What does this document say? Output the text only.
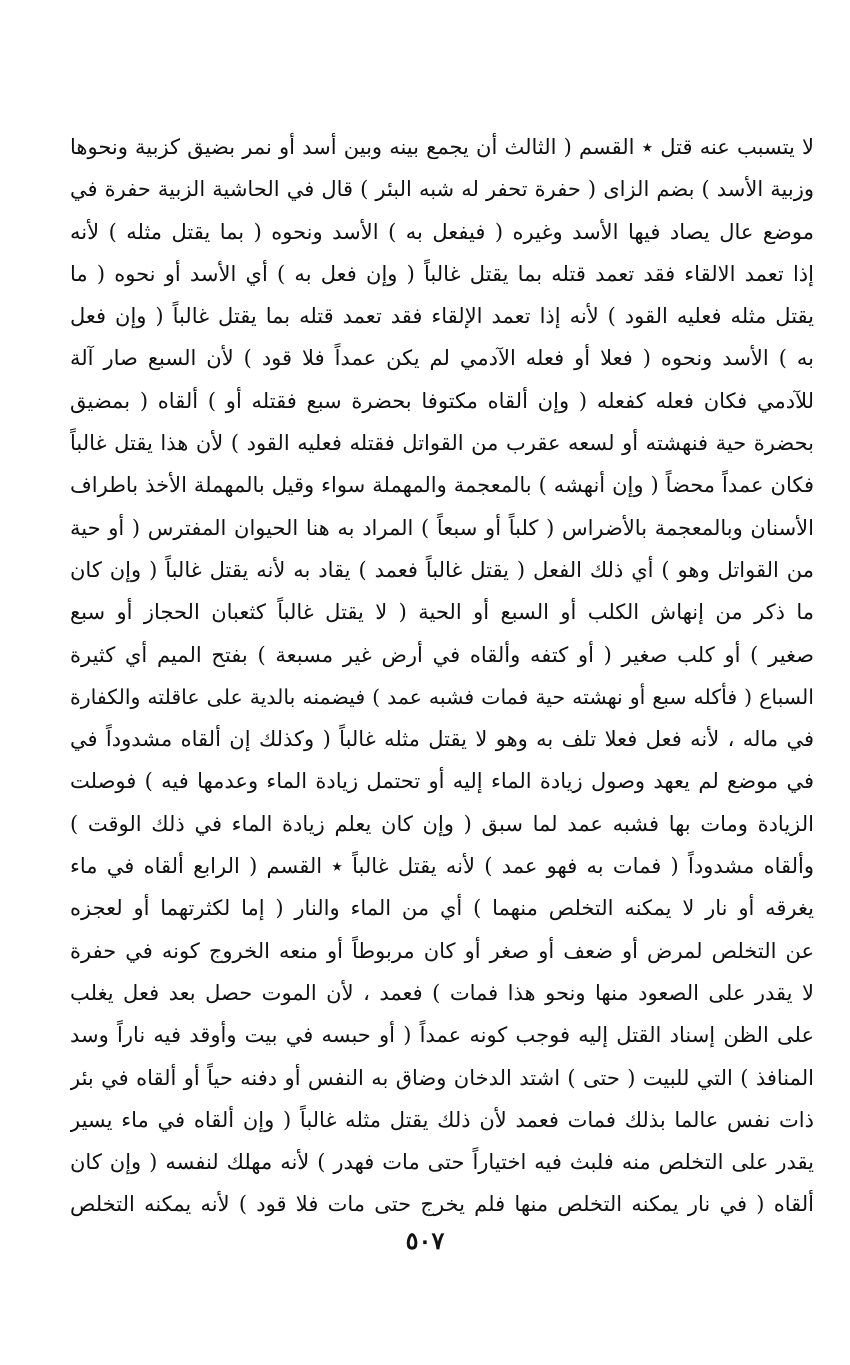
لا يتسبب عنه قتل ٭ القسم ( الثالث أن يجمع بينه وبين أسد أو نمر بضيق كزبية ونحوها
وزبية الأسد ) بضم الزاى ( حفرة تحفر له شبه البئر ) قال في الحاشية الزبية حفرة في
موضع عال يصاد فيها الأسد وغيره ( فيفعل به ) الأسد ونحوه ( بما يقتل مثله ) لأنه
إذا تعمد الالقاء فقد تعمد قتله بما يقتل غالباً ( وإن فعل به ) أي الأسد أو نحوه ( ما
يقتل مثله فعليه القود ) لأنه إذا تعمد الإلقاء فقد تعمد قتله بما يقتل غالباً ( وإن فعل
به ) الأسد ونحوه ( فعلا أو فعله الآدمي لم يكن عمداً فلا قود ) لأن السبع صار آلة
للآدمي فكان فعله كفعله ( وإن ألقاه مكتوفا بحضرة سبع فقتله أو ) ألقاه ( بمضيق
بحضرة حية فنهشته أو لسعه عقرب من القواتل فقتله فعليه القود ) لأن هذا يقتل غالباً
فكان عمداً محضاً ( وإن أنهشه ) بالمعجمة والمهملة سواء وقيل بالمهملة الأخذ باطراف
الأسنان وبالمعجمة بالأضراس ( كلباً أو سبعاً ) المراد به هنا الحيوان المفترس ( أو حية
من القواتل وهو ) أي ذلك الفعل ( يقتل غالباً فعمد ) يقاد به لأنه يقتل غالباً ( وإن كان
ما ذكر من إنهاش الكلب أو السبع أو الحية ( لا يقتل غالباً كثعبان الحجاز أو سبع
صغير ) أو كلب صغير ( أو كتفه وألقاه في أرض غير مسبعة ) بفتح الميم أي كثيرة
السباع ( فأكله سبع أو نهشته حية فمات فشبه عمد ) فيضمنه بالدية على عاقلته والكفارة
في ماله ، لأنه فعل فعلا تلف به وهو لا يقتل مثله غالباً ( وكذلك إن ألقاه مشدوداً في
في موضع لم يعهد وصول زيادة الماء إليه أو تحتمل زيادة الماء وعدمها فيه ) فوصلت
الزيادة ومات بها فشبه عمد لما سبق ( وإن كان يعلم زيادة الماء في ذلك الوقت )
وألقاه مشدوداً ( فمات به فهو عمد ) لأنه يقتل غالباً ٭ القسم ( الرابع ألقاه في ماء
يغرقه أو نار لا يمكنه التخلص منهما ) أي من الماء والنار ( إما لكثرتهما أو لعجزه
عن التخلص لمرض أو ضعف أو صغر أو كان مربوطاً أو منعه الخروج كونه في حفرة
لا يقدر على الصعود منها ونحو هذا فمات ) فعمد ، لأن الموت حصل بعد فعل يغلب
على الظن إسناد القتل إليه فوجب كونه عمداً ( أو حبسه في بيت وأوقد فيه ناراً وسد
المنافذ ) التي للبيت ( حتى ) اشتد الدخان وضاق به النفس أو دفنه حياً أو ألقاه في بئر
ذات نفس عالما بذلك فمات فعمد لأن ذلك يقتل مثله غالباً ( وإن ألقاه في ماء يسير
يقدر على التخلص منه فلبث فيه اختياراً حتى مات فهدر ) لأنه مهلك لنفسه ( وإن كان
ألقاه ( في نار يمكنه التخلص منها فلم يخرج حتى مات فلا قود ) لأنه يمكنه التخلص
٥٠٧
